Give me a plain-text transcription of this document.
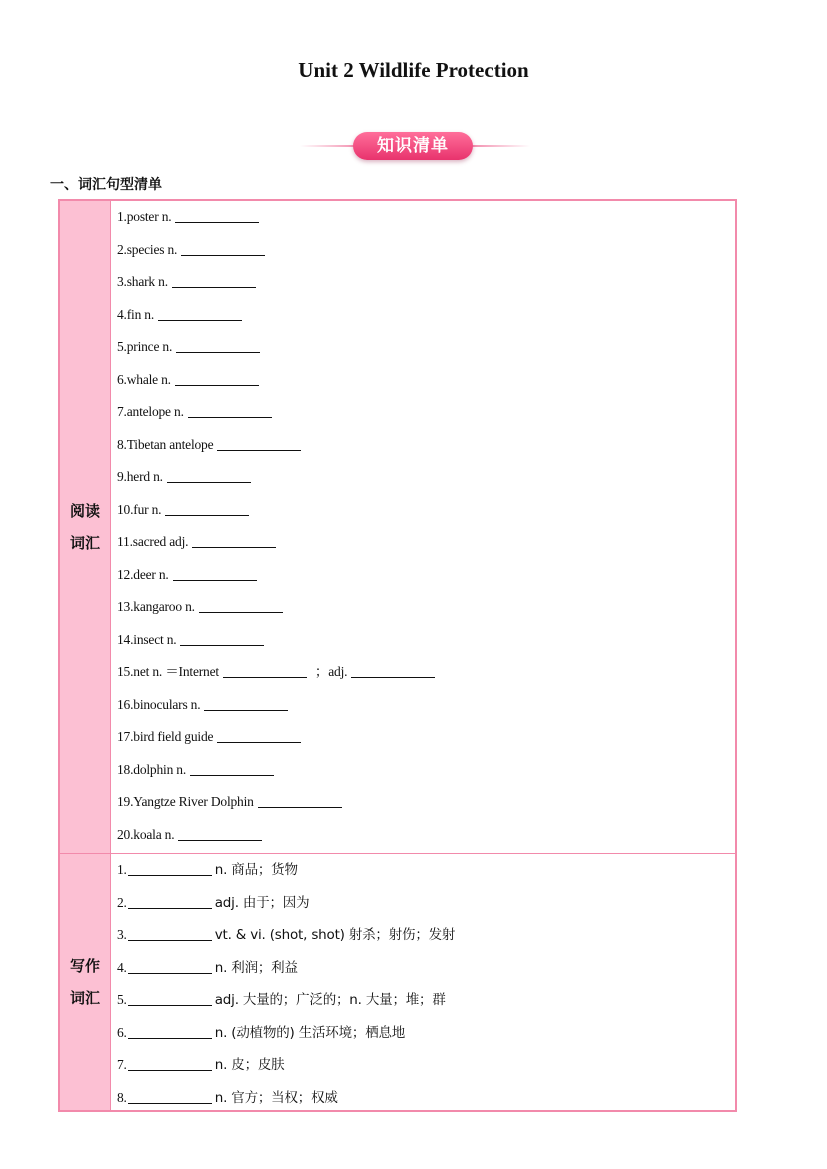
Unit 2 Wildlife Protection
知识清单
一、词汇句型清单
阅读
词汇
1.poster n.
2.species n.
3.shark n.
4.fin n.
5.prince n.
6.whale n.
7.antelope n.
8.Tibetan antelope
9.herd n.
10.fur n.
11.sacred adj.
12.deer n.
13.kangaroo n.
14.insect n.
15.net n. ＝Internet	；adj.
16.binoculars n.
17.bird field guide
18.dolphin n.
19.Yangtze River Dolphin
20.koala n.
写作
词汇
1.	n. 商品；货物
2.	adj. 由于；因为
3.	vt. & vi. (shot, shot) 射杀；射伤；发射
4.	n. 利润；利益
5.	adj. 大量的；广泛的；n. 大量；堆；群
6.	n. (动植物的) 生活环境；栖息地
7.	n. 皮；皮肤
8.	n. 官方；当权；权威
